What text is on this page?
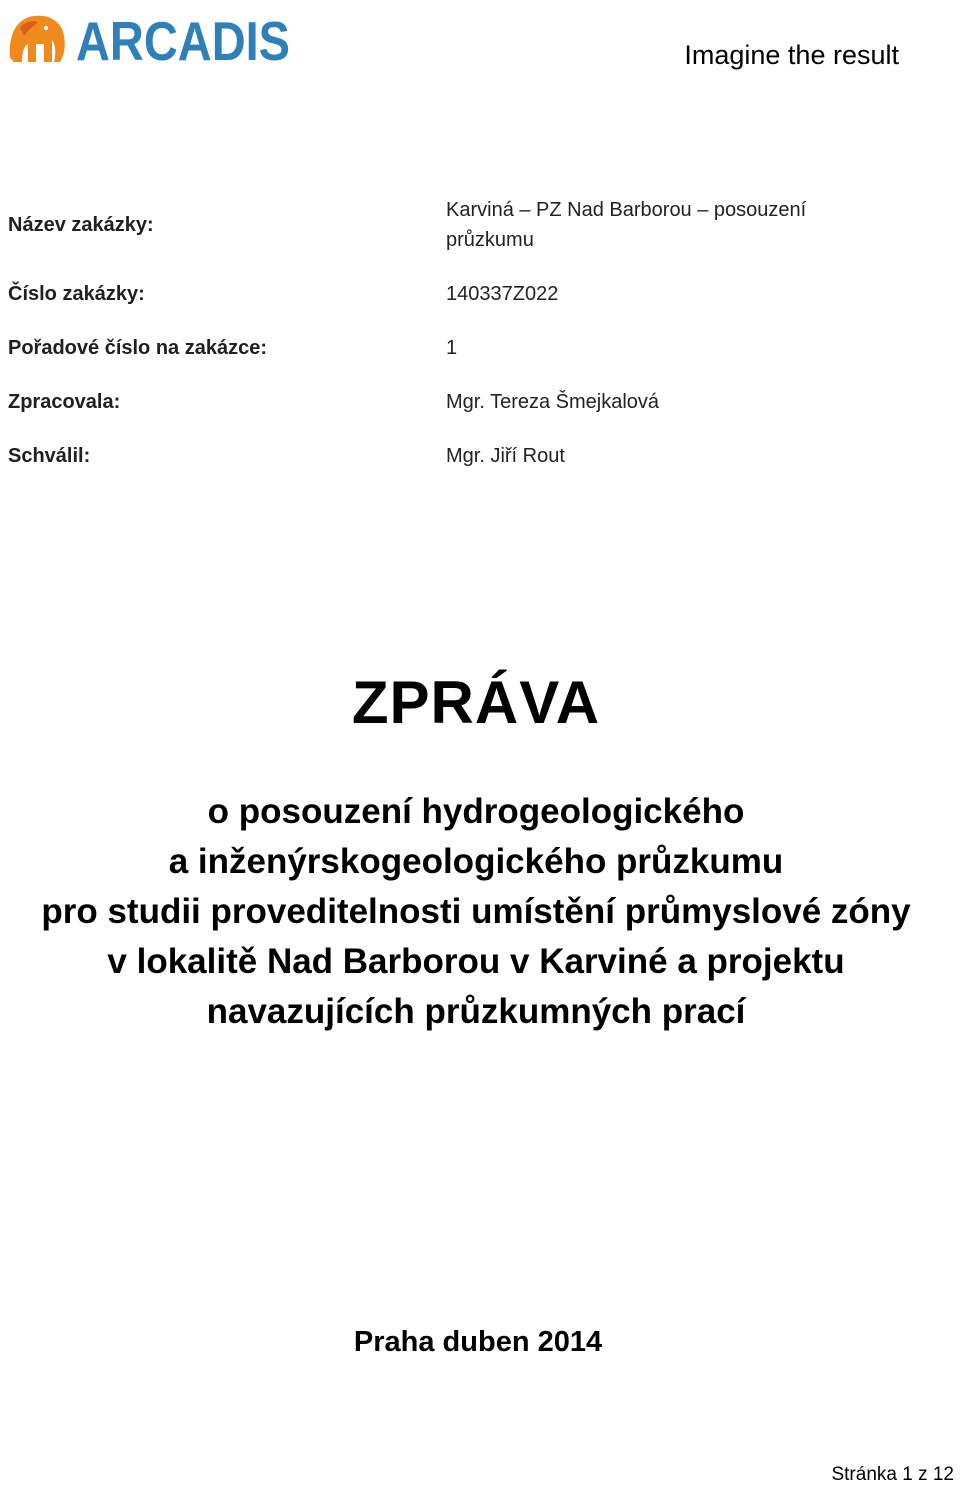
ARCADIS	Imagine the result
Název zakázky:
Karviná – PZ Nad Barborou – posouzení
průzkumu
Číslo zakázky:	140337Z022
Pořadové číslo na zakázce:	1
Zpracovala:	Mgr. Tereza Šmejkalová
Schválil:	Mgr. Jiří Rout
ZPRÁVA
o posouzení hydrogeologického
a inženýrskogeologického průzkumu
pro studii proveditelnosti umístění průmyslové zóny
v lokalitě Nad Barborou v Karviné a projektu
navazujících průzkumných prací
Praha duben 2014
Stránka 1 z 12
